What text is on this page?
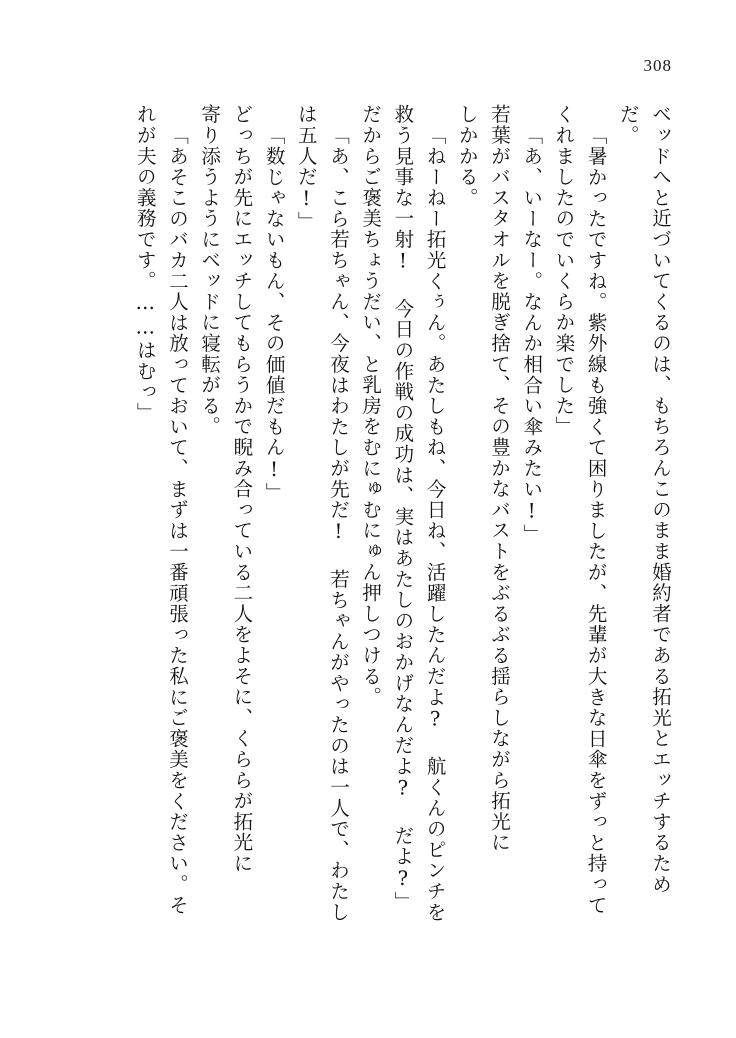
308
ベッドへと近づいてくるのは、もちろんこのまま婚約者である拓光とエッチするため
だ。
「暑かったですね。紫外線も強くて困りましたが、先輩が大きな日傘をずっと持って
くれましたのでいくらか楽でした」
「あ、いーなー。なんか相合い傘みたい!」
若葉がバスタオルを脱ぎ捨て、その豊かなバストをぶるぶる揺らしながら拓光に
しかかる。
「ねーねー拓光くぅん。あたしもね、今日ね、活躍したんだよ? 航くんのピンチを
救う見事な一射! 今日の作戦の成功は、実はあたしのおかげなんだよ? だよ?」
だからご褒美ちょうだい、と乳房をむにゅむにゅん押しつける。
「あ、こら若ちゃん、今夜はわたしが先だ! 若ちゃんがやったのは一人で、わたし
は五人だ!」
「数じゃないもん、その価値だもん!」
どっちが先にエッチしてもらうかで睨み合っている二人をよそに、くららが拓光に
寄り添うようにベッドに寝転がる。
「あそこのバカ二人は放っておいて、まずは一番頑張った私にご褒美をください。そ
れが夫の義務です。……はむっ」
